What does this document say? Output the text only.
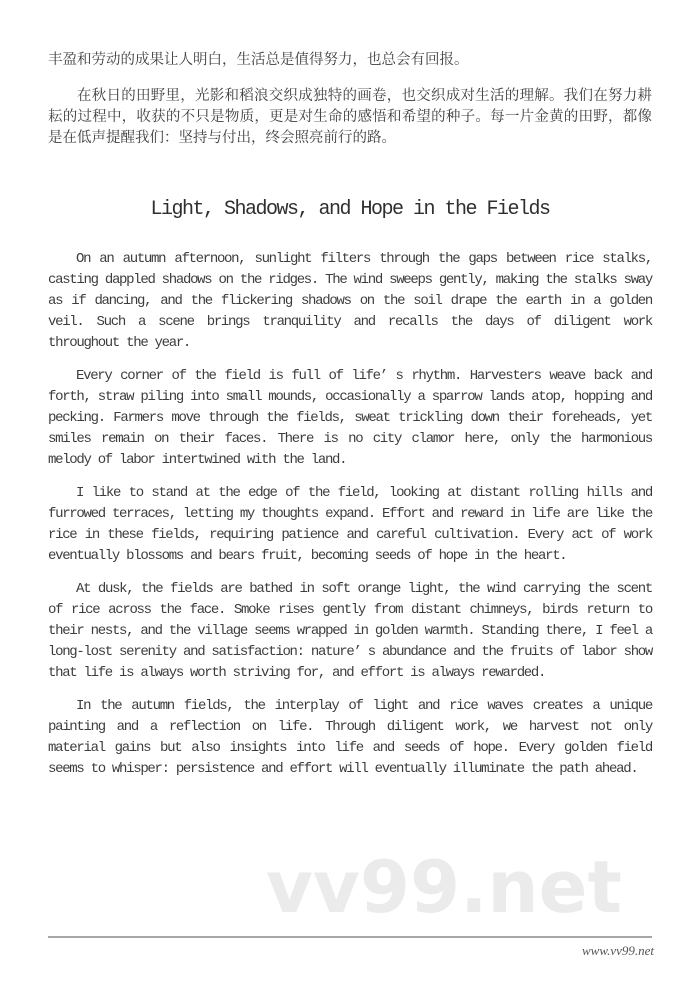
丰盈和劳动的成果让人明白，生活总是值得努力，也总会有回报。

在秋日的田野里，光影和稻浪交织成独特的画卷，也交织成对生活的理解。我们在努力耕耘的过程中，收获的不只是物质，更是对生命的感悟和希望的种子。每一片金黄的田野，都像是在低声提醒我们：坚持与付出，终会照亮前行的路。

Light, Shadows, and Hope in the Fields

On an autumn afternoon, sunlight filters through the gaps between rice stalks, casting dappled shadows on the ridges. The wind sweeps gently, making the stalks sway as if dancing, and the flickering shadows on the soil drape the earth in a golden veil. Such a scene brings tranquility and recalls the days of diligent work throughout the year.

Every corner of the field is full of life’ s rhythm. Harvesters weave back and forth, straw piling into small mounds, occasionally a sparrow lands atop, hopping and pecking. Farmers move through the fields, sweat trickling down their foreheads, yet smiles remain on their faces. There is no city clamor here, only the harmonious melody of labor intertwined with the land.

I like to stand at the edge of the field, looking at distant rolling hills and furrowed terraces, letting my thoughts expand. Effort and reward in life are like the rice in these fields, requiring patience and careful cultivation. Every act of work eventually blossoms and bears fruit, becoming seeds of hope in the heart.

At dusk, the fields are bathed in soft orange light, the wind carrying the scent of rice across the face. Smoke rises gently from distant chimneys, birds return to their nests, and the village seems wrapped in golden warmth. Standing there, I feel a long-lost serenity and satisfaction: nature’ s abundance and the fruits of labor show that life is always worth striving for, and effort is always rewarded.

In the autumn fields, the interplay of light and rice waves creates a unique painting and a reflection on life. Through diligent work, we harvest not only material gains but also insights into life and seeds of hope. Every golden field seems to whisper: persistence and effort will eventually illuminate the path ahead.

vv99.net
www.vv99.net
